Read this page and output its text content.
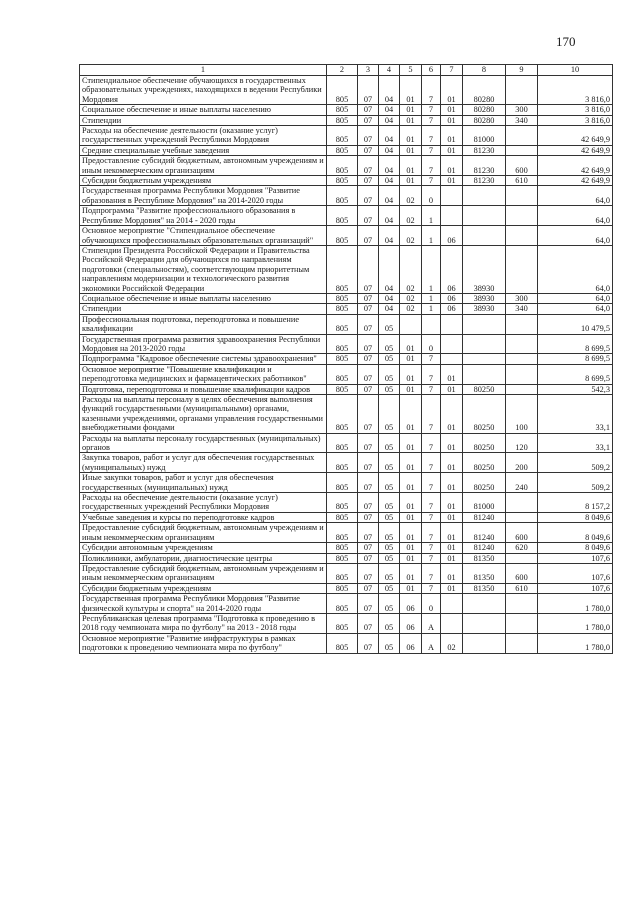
170
1	2	3	4	5	6	7	8	9	10
Стипендиальное обеспечение обучающихся в государственных образовательных учреждениях, находящихся в ведении Республики Мордовия	805	07	04	01	7	01	80280		3 816,0
Социальное обеспечение и иные выплаты населению	805	07	04	01	7	01	80280	300	3 816,0
Стипендии	805	07	04	01	7	01	80280	340	3 816,0
Расходы на обеспечение деятельности (оказание услуг) государственных учреждений Республики Мордовия	805	07	04	01	7	01	81000		42 649,9
Средние специальные учебные заведения	805	07	04	01	7	01	81230		42 649,9
Предоставление субсидий бюджетным, автономным учреждениям и иным некоммерческим организациям	805	07	04	01	7	01	81230	600	42 649,9
Субсидии бюджетным учреждениям	805	07	04	01	7	01	81230	610	42 649,9
Государственная программа Республики Мордовия "Развитие образования в Республике Мордовия" на 2014-2020 годы	805	07	04	02	0				64,0
Подпрограмма "Развитие профессионального образования в Республике Мордовия" на 2014 - 2020 годы	805	07	04	02	1				64,0
Основное мероприятие "Стипендиальное обеспечение обучающихся профессиональных образовательных организаций"	805	07	04	02	1	06			64,0
Стипендии Президента Российской Федерации и Правительства Российской Федерации для обучающихся по направлениям подготовки (специальностям), соответствующим приоритетным направлениям модернизации и технологического развития экономики Российской Федерации	805	07	04	02	1	06	38930		64,0
Социальное обеспечение и иные выплаты населению	805	07	04	02	1	06	38930	300	64,0
Стипендии	805	07	04	02	1	06	38930	340	64,0
Профессиональная подготовка, переподготовка и повышение квалификации	805	07	05						10 479,5
Государственная программа развития здравоохранения Республики Мордовия на 2013-2020 годы	805	07	05	01	0				8 699,5
Подпрограмма "Кадровое обеспечение системы здравоохранения"	805	07	05	01	7				8 699,5
Основное мероприятие "Повышение квалификации и переподготовка медицинских и фармацевтических работников"	805	07	05	01	7	01			8 699,5
Подготовка, переподготовка и повышение квалификации кадров	805	07	05	01	7	01	80250		542,3
Расходы на выплаты персоналу в целях обеспечения выполнения функций государственными (муниципальными) органами, казенными учреждениями, органами управления государственными внебюджетными фондами	805	07	05	01	7	01	80250	100	33,1
Расходы на выплаты персоналу государственных (муниципальных) органов	805	07	05	01	7	01	80250	120	33,1
Закупка товаров, работ и услуг для обеспечения государственных (муниципальных) нужд	805	07	05	01	7	01	80250	200	509,2
Иные закупки товаров, работ и услуг для обеспечения государственных (муниципальных) нужд	805	07	05	01	7	01	80250	240	509,2
Расходы на обеспечение деятельности (оказание услуг) государственных учреждений Республики Мордовия	805	07	05	01	7	01	81000		8 157,2
Учебные заведения и курсы по переподготовке кадров	805	07	05	01	7	01	81240		8 049,6
Предоставление субсидий бюджетным, автономным учреждениям и иным некоммерческим организациям	805	07	05	01	7	01	81240	600	8 049,6
Субсидии автономным учреждениям	805	07	05	01	7	01	81240	620	8 049,6
Поликлиники, амбулатории, диагностические центры	805	07	05	01	7	01	81350		107,6
Предоставление субсидий бюджетным, автономным учреждениям и иным некоммерческим организациям	805	07	05	01	7	01	81350	600	107,6
Субсидии бюджетным учреждениям	805	07	05	01	7	01	81350	610	107,6
Государственная программа Республики Мордовия "Развитие физической культуры и спорта" на 2014-2020 годы	805	07	05	06	0				1 780,0
Республиканская целевая программа "Подготовка к проведению в 2018 году чемпионата мира по футболу" на 2013 - 2018 годы	805	07	05	06	А				1 780,0
Основное мероприятие "Развитие инфраструктуры в рамках подготовки к проведению чемпионата мира по футболу"	805	07	05	06	А	02			1 780,0
